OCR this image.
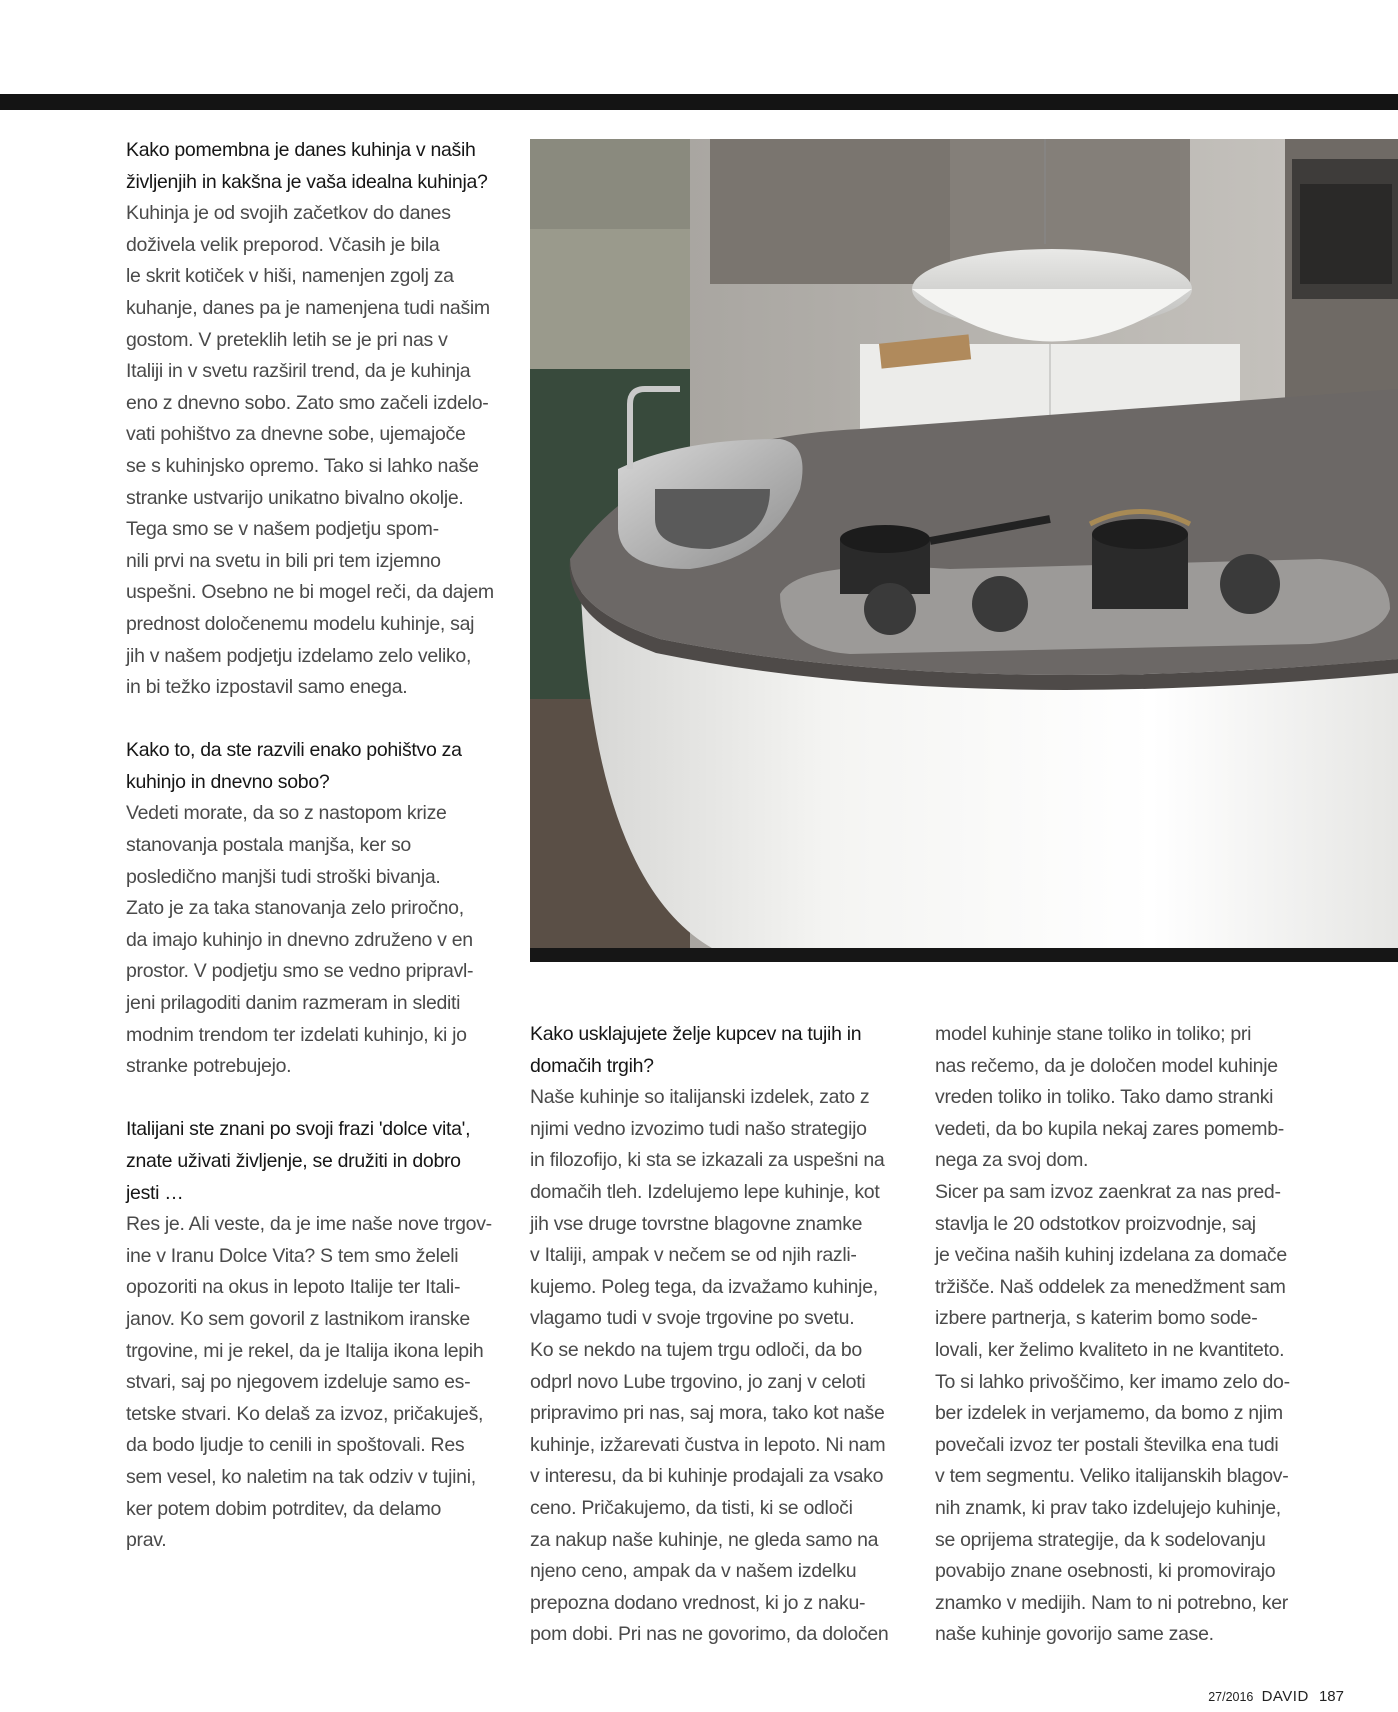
Kako pomembna je danes kuhinja v naših
življenjih in kakšna je vaša idealna kuhinja?
Kuhinja je od svojih začetkov do danes
doživela velik preporod. Včasih je bila
le skrit kotiček v hiši, namenjen zgolj za
kuhanje, danes pa je namenjena tudi našim
gostom. V preteklih letih se je pri nas v
Italiji in v svetu razširil trend, da je kuhinja
eno z dnevno sobo. Zato smo začeli izdelo-
vati pohištvo za dnevne sobe, ujemajoče
se s kuhinjsko opremo. Tako si lahko naše
stranke ustvarijo unikatno bivalno okolje.
Tega smo se v našem podjetju spom-
nili prvi na svetu in bili pri tem izjemno
uspešni. Osebno ne bi mogel reči, da dajem
prednost določenemu modelu kuhinje, saj
jih v našem podjetju izdelamo zelo veliko,
in bi težko izpostavil samo enega.
Kako to, da ste razvili enako pohištvo za
kuhinjo in dnevno sobo?
Vedeti morate, da so z nastopom krize
stanovanja postala manjša, ker so
posledično manjši tudi stroški bivanja.
Zato je za taka stanovanja zelo priročno,
da imajo kuhinjo in dnevno združeno v en
prostor. V podjetju smo se vedno pripravl-
jeni prilagoditi danim razmeram in slediti
modnim trendom ter izdelati kuhinjo, ki jo
stranke potrebujejo.
Italijani ste znani po svoji frazi 'dolce vita',
znate uživati življenje, se družiti in dobro
jesti …
Res je. Ali veste, da je ime naše nove trgov-
ine v Iranu Dolce Vita? S tem smo želeli
opozoriti na okus in lepoto Italije ter Itali-
janov. Ko sem govoril z lastnikom iranske
trgovine, mi je rekel, da je Italija ikona lepih
stvari, saj po njegovem izdeluje samo es-
tetske stvari. Ko delaš za izvoz, pričakuješ,
da bodo ljudje to cenili in spoštovali. Res
sem vesel, ko naletim na tak odziv v tujini,
ker potem dobim potrditev, da delamo
prav.
Kako usklajujete želje kupcev na tujih in
domačih trgih?
Naše kuhinje so italijanski izdelek, zato z
njimi vedno izvozimo tudi našo strategijo
in filozofijo, ki sta se izkazali za uspešni na
domačih tleh. Izdelujemo lepe kuhinje, kot
jih vse druge tovrstne blagovne znamke
v Italiji, ampak v nečem se od njih razli-
kujemo. Poleg tega, da izvažamo kuhinje,
vlagamo tudi v svoje trgovine po svetu.
Ko se nekdo na tujem trgu odloči, da bo
odprl novo Lube trgovino, jo zanj v celoti
pripravimo pri nas, saj mora, tako kot naše
kuhinje, izžarevati čustva in lepoto. Ni nam
v interesu, da bi kuhinje prodajali za vsako
ceno. Pričakujemo, da tisti, ki se odloči
za nakup naše kuhinje, ne gleda samo na
njeno ceno, ampak da v našem izdelku
prepozna dodano vrednost, ki jo z naku-
pom dobi. Pri nas ne govorimo, da določen
model kuhinje stane toliko in toliko; pri
nas rečemo, da je določen model kuhinje
vreden toliko in toliko. Tako damo stranki
vedeti, da bo kupila nekaj zares pomemb-
nega za svoj dom.
Sicer pa sam izvoz zaenkrat za nas pred-
stavlja le 20 odstotkov proizvodnje, saj
je večina naših kuhinj izdelana za domače
tržišče. Naš oddelek za menedžment sam
izbere partnerja, s katerim bomo sode-
lovali, ker želimo kvaliteto in ne kvantiteto.
To si lahko privoščimo, ker imamo zelo do-
ber izdelek in verjamemo, da bomo z njim
povečali izvoz ter postali številka ena tudi
v tem segmentu. Veliko italijanskih blagov-
nih znamk, ki prav tako izdelujejo kuhinje,
se oprijema strategije, da k sodelovanju
povabijo znane osebnosti, ki promovirajo
znamko v medijih. Nam to ni potrebno, ker
naše kuhinje govorijo same zase.
27/2016 DAVID 187
